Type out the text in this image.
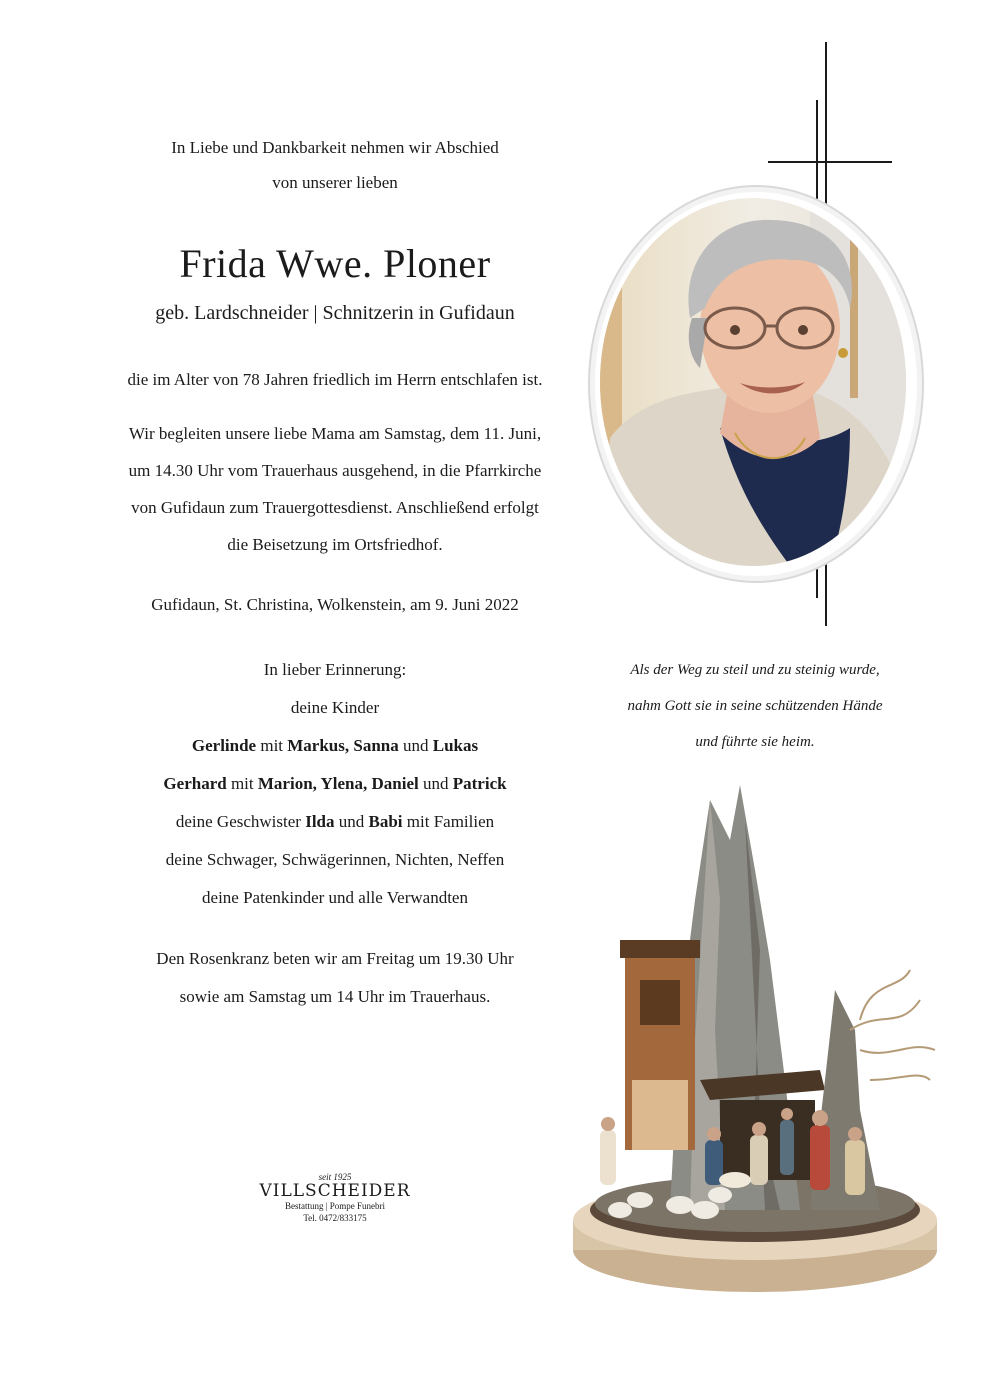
In Liebe und Dankbarkeit nehmen wir Abschied
von unserer lieben
Frida Wwe. Ploner
geb. Lardschneider | Schnitzerin in Gufidaun
die im Alter von 78 Jahren friedlich im Herrn entschlafen ist.
Wir begleiten unsere liebe Mama am Samstag, dem 11. Juni,
um 14.30 Uhr vom Trauerhaus ausgehend, in die Pfarrkirche
von Gufidaun zum Trauergottesdienst. Anschließend erfolgt
die Beisetzung im Ortsfriedhof.
Gufidaun, St. Christina, Wolkenstein, am 9. Juni 2022
In lieber Erinnerung:
deine Kinder
Gerlinde mit Markus, Sanna und Lukas
Gerhard mit Marion, Ylena, Daniel und Patrick
deine Geschwister Ilda und Babi mit Familien
deine Schwager, Schwägerinnen, Nichten, Neffen
deine Patenkinder und alle Verwandten
Den Rosenkranz beten wir am Freitag um 19.30 Uhr
sowie am Samstag um 14 Uhr im Trauerhaus.
Als der Weg zu steil und zu steinig wurde,
nahm Gott sie in seine schützenden Hände
und führte sie heim.
seit 1925
VILLSCHEIDER
Bestattung | Pompe Funebri
Tel. 0472/833175
